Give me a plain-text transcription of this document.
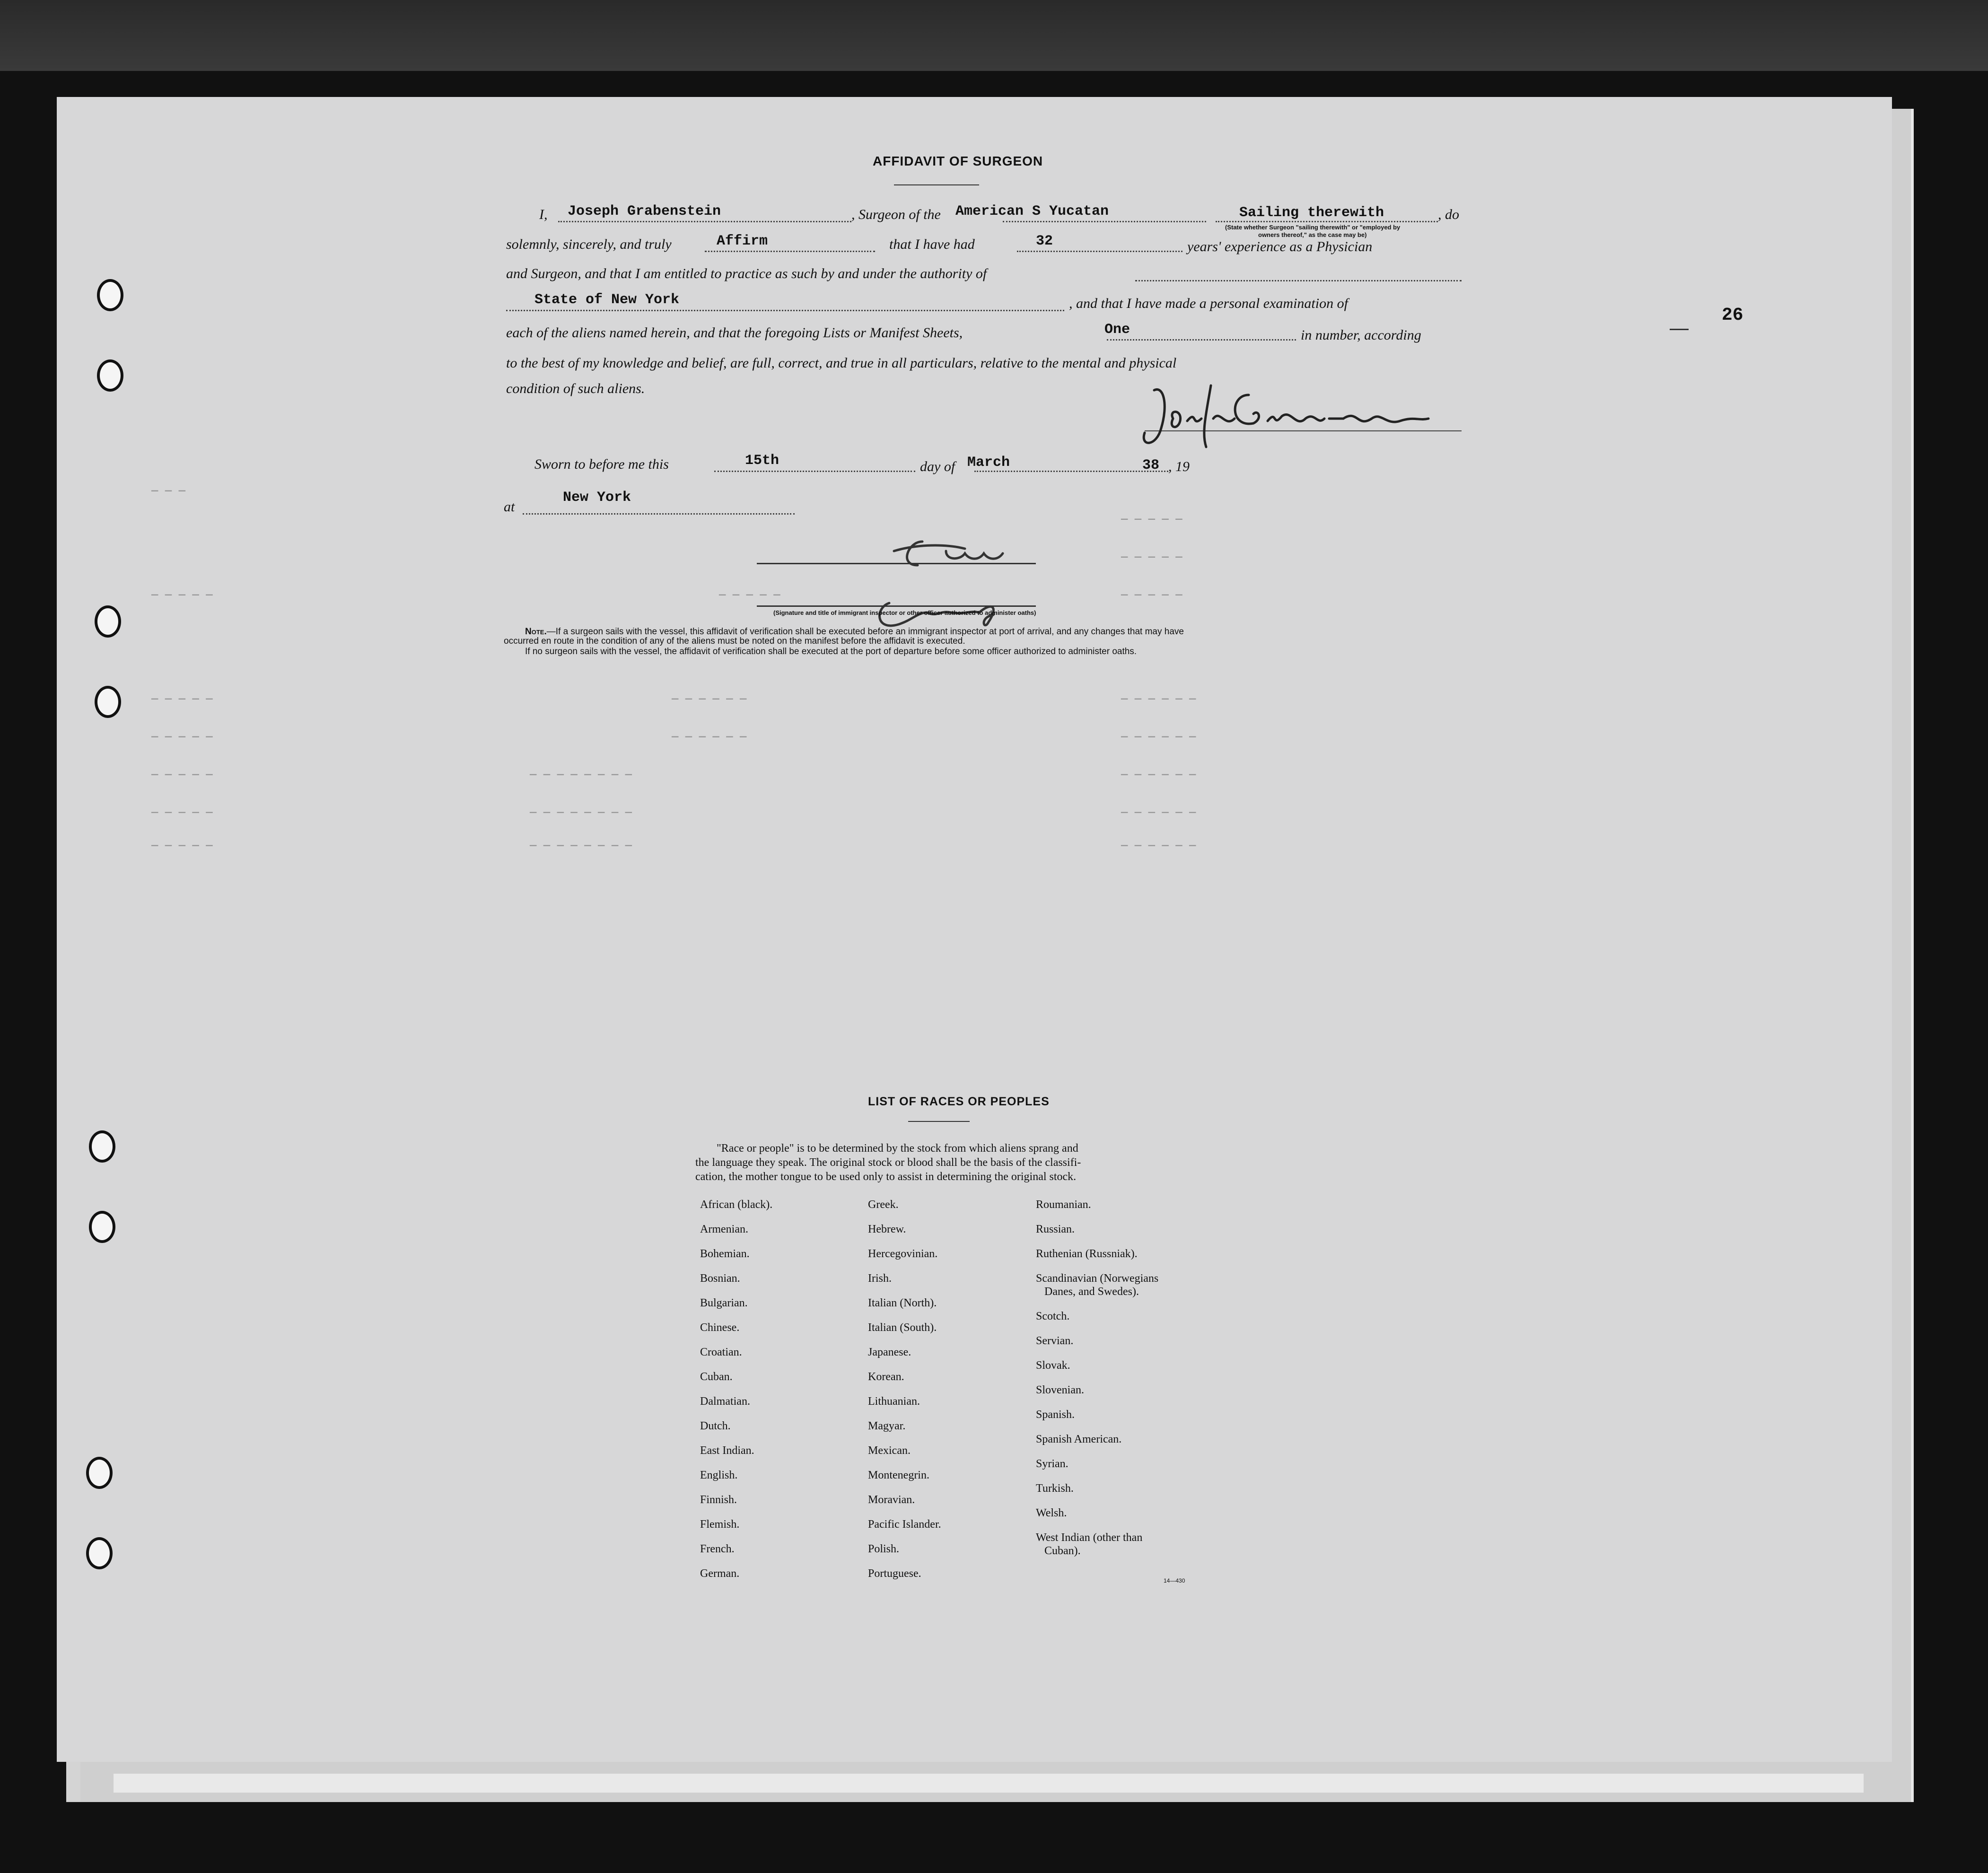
— — —
— — — — —
— — — — —
— — — — —	— — — — —	— — — — —
— — — — —	— — — — — —	— — — — — —
— — — — —	— — — — — —	— — — — — —
— — — — —	— — — — — — — —	— — — — — —
— — — — —	— — — — — — — —	— — — — — —
— — — — —	— — — — — — — —	— — — — — —
AFFIDAVIT OF SURGEON
I, Joseph Grabenstein	, Surgeon of the American S Yucatan	Sailing therewith	, do
(State whether Surgeon "sailing therewith" or "employed by
owners thereof," as the case may be)
solemnly, sincerely, and truly	Affirm	that I have had	32	years' experience as a Physician
and Surgeon, and that I am entitled to practice as such by and under the authority of
State of New York	, and that I have made a personal examination of
each of the aliens named herein, and that the foregoing Lists or Manifest Sheets,	One	in number, according
to the best of my knowledge and belief, are full, correct, and true in all particulars, relative to the mental and physical
condition of such aliens.
Sworn to before me this	15th	day of March	, 19
38
at
New York
(Signature and title of immigrant inspector or other officer authorized to administer oaths)
Note.—If a surgeon sails with the vessel, this affidavit of verification shall be executed before an immigrant inspector at port of arrival, and any changes that may have
occurred en route in the condition of any of the aliens must be noted on the manifest before the affidavit is executed.
If no surgeon sails with the vessel, the affidavit of verification shall be executed at the port of departure before some officer authorized to administer oaths.
26
LIST OF RACES OR PEOPLES
"Race or people" is to be determined by the stock from which aliens sprang and
the language they speak. The original stock or blood shall be the basis of the classifi-
cation, the mother tongue to be used only to assist in determining the original stock.
African (black).
Armenian.
Bohemian.
Bosnian.
Bulgarian.
Chinese.
Croatian.
Cuban.
Dalmatian.
Dutch.
East Indian.
English.
Finnish.
Flemish.
French.
German.
Greek.
Hebrew.
Hercegovinian.
Irish.
Italian (North).
Italian (South).
Japanese.
Korean.
Lithuanian.
Magyar.
Mexican.
Montenegrin.
Moravian.
Pacific Islander.
Polish.
Portuguese.
Roumanian.
Russian.
Ruthenian (Russniak).
Scandinavian (Norwegians
Danes, and Swedes).
Scotch.
Servian.
Slovak.
Slovenian.
Spanish.
Spanish American.
Syrian.
Turkish.
Welsh.
West Indian (other than
Cuban).
14—430
